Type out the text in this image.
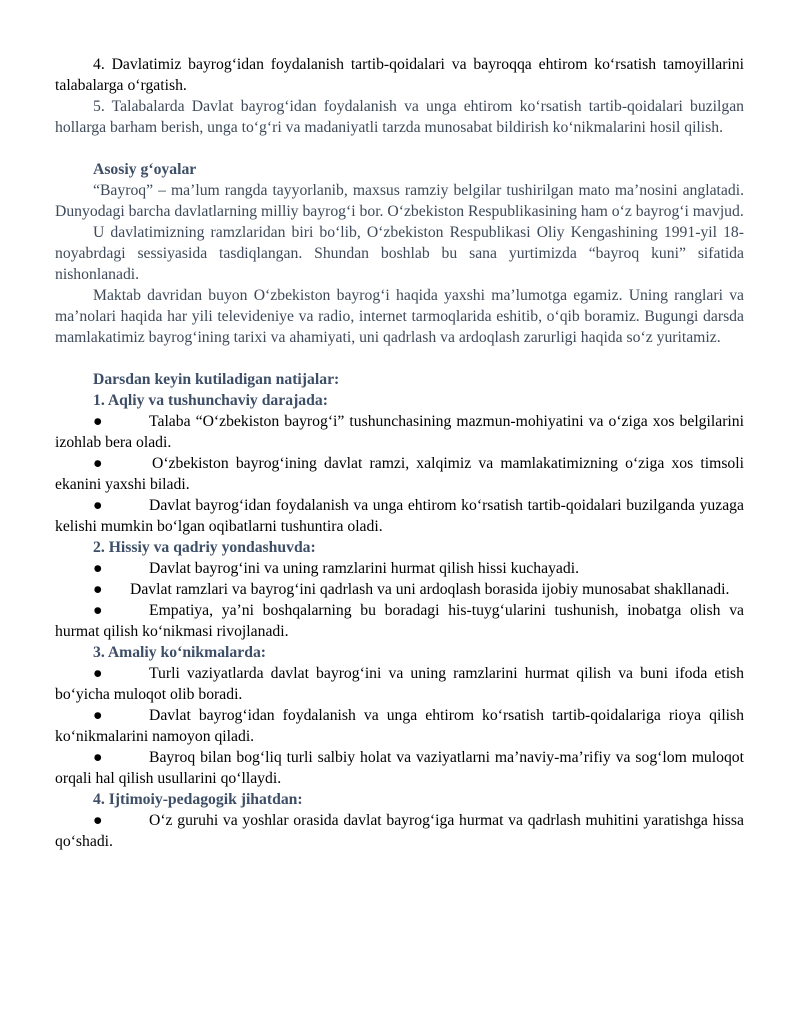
4. Davlatimiz bayrog‘idan foydalanish tartib-qoidalari va bayroqqa ehtirom ko‘rsatish tamoyillarini talabalarga o‘rgatish.

5. Talabalarda Davlat bayrog‘idan foydalanish va unga ehtirom ko‘rsatish tartib-qoidalari buzilgan hollarga barham berish, unga to‘g‘ri va madaniyatli tarzda munosabat bildirish ko‘nikmalarini hosil qilish.

Asosiy g‘oyalar

“Bayroq” – ma’lum rangda tayyorlanib, maxsus ramziy belgilar tushirilgan mato ma’nosini anglatadi. Dunyodagi barcha davlatlarning milliy bayrog‘i bor. O‘zbekiston Respublikasining ham o‘z bayrog‘i mavjud.

U davlatimizning ramzlaridan biri bo‘lib, O‘zbekiston Respublikasi Oliy Kengashining 1991-yil 18-noyabrdagi sessiyasida tasdiqlangan. Shundan boshlab bu sana yurtimizda “bayroq kuni” sifatida nishonlanadi.

Maktab davridan buyon O‘zbekiston bayrog‘i haqida yaxshi ma’lumotga egamiz. Uning ranglari va ma’nolari haqida har yili televideniye va radio, internet tarmoqlarida eshitib, o‘qib boramiz. Bugungi darsda mamlakatimiz bayrog‘ining tarixi va ahamiyati, uni qadrlash va ardoqlash zarurligi haqida so‘z yuritamiz.

Darsdan keyin kutiladigan natijalar:

1. Aqliy va tushunchaviy darajada:

●	Talaba “O‘zbekiston bayrog‘i” tushunchasining mazmun-mohiyatini va o‘ziga xos belgilarini izohlab bera oladi.

●	O‘zbekiston bayrog‘ining davlat ramzi, xalqimiz va mamlakatimizning o‘ziga xos timsoli ekanini yaxshi biladi.

●	Davlat bayrog‘idan foydalanish va unga ehtirom ko‘rsatish tartib-qoidalari buzilganda yuzaga kelishi mumkin bo‘lgan oqibatlarni tushuntira oladi.

2. Hissiy va qadriy yondashuvda:

●	Davlat bayrog‘ini va uning ramzlarini hurmat qilish hissi kuchayadi.

● Davlat ramzlari va bayrog‘ini qadrlash va uni ardoqlash borasida ijobiy munosabat shakllanadi.

●	Empatiya, ya’ni boshqalarning bu boradagi his-tuyg‘ularini tushunish, inobatga olish va hurmat qilish ko‘nikmasi rivojlanadi.

3. Amaliy ko‘nikmalarda:

●	Turli vaziyatlarda davlat bayrog‘ini va uning ramzlarini hurmat qilish va buni ifoda etish bo‘yicha muloqot olib boradi.

●	Davlat bayrog‘idan foydalanish va unga ehtirom ko‘rsatish tartib-qoidalariga rioya qilish ko‘nikmalarini namoyon qiladi.

●	Bayroq bilan bog‘liq turli salbiy holat va vaziyatlarni ma’naviy-ma’rifiy va sog‘lom muloqot orqali hal qilish usullarini qo‘llaydi.

4. Ijtimoiy-pedagogik jihatdan:

●	O‘z guruhi va yoshlar orasida davlat bayrog‘iga hurmat va qadrlash muhitini yaratishga hissa qo‘shadi.
